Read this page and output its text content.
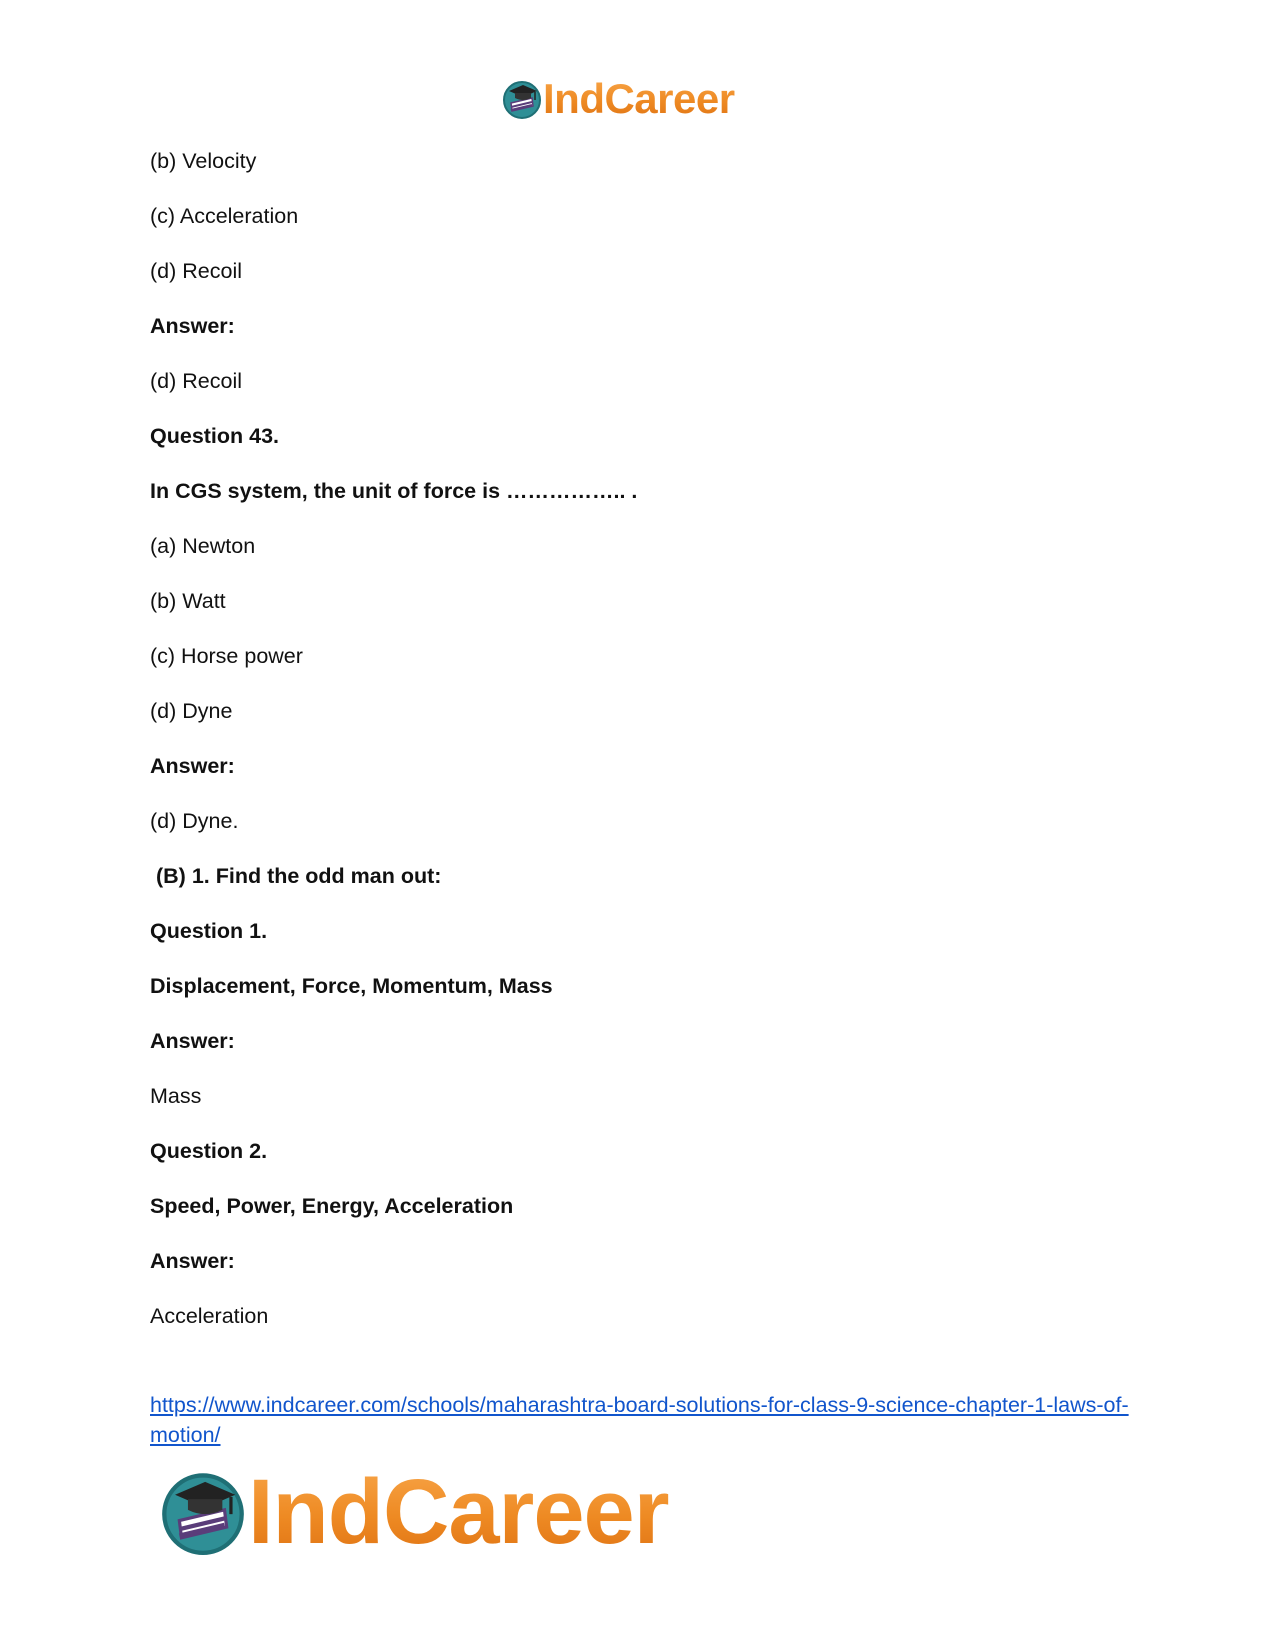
IndCareer
(b) Velocity
(c) Acceleration
(d) Recoil
Answer:
(d) Recoil
Question 43.
In CGS system, the unit of force is …………….. .
(a) Newton
(b) Watt
(c) Horse power
(d) Dyne
Answer:
(d) Dyne.
(B) 1. Find the odd man out:
Question 1.
Displacement, Force, Momentum, Mass
Answer:
Mass
Question 2.
Speed, Power, Energy, Acceleration
Answer:
Acceleration
https://www.indcareer.com/schools/maharashtra-board-solutions-for-class-9-science-chapter-1-laws-of-motion/
IndCareer
